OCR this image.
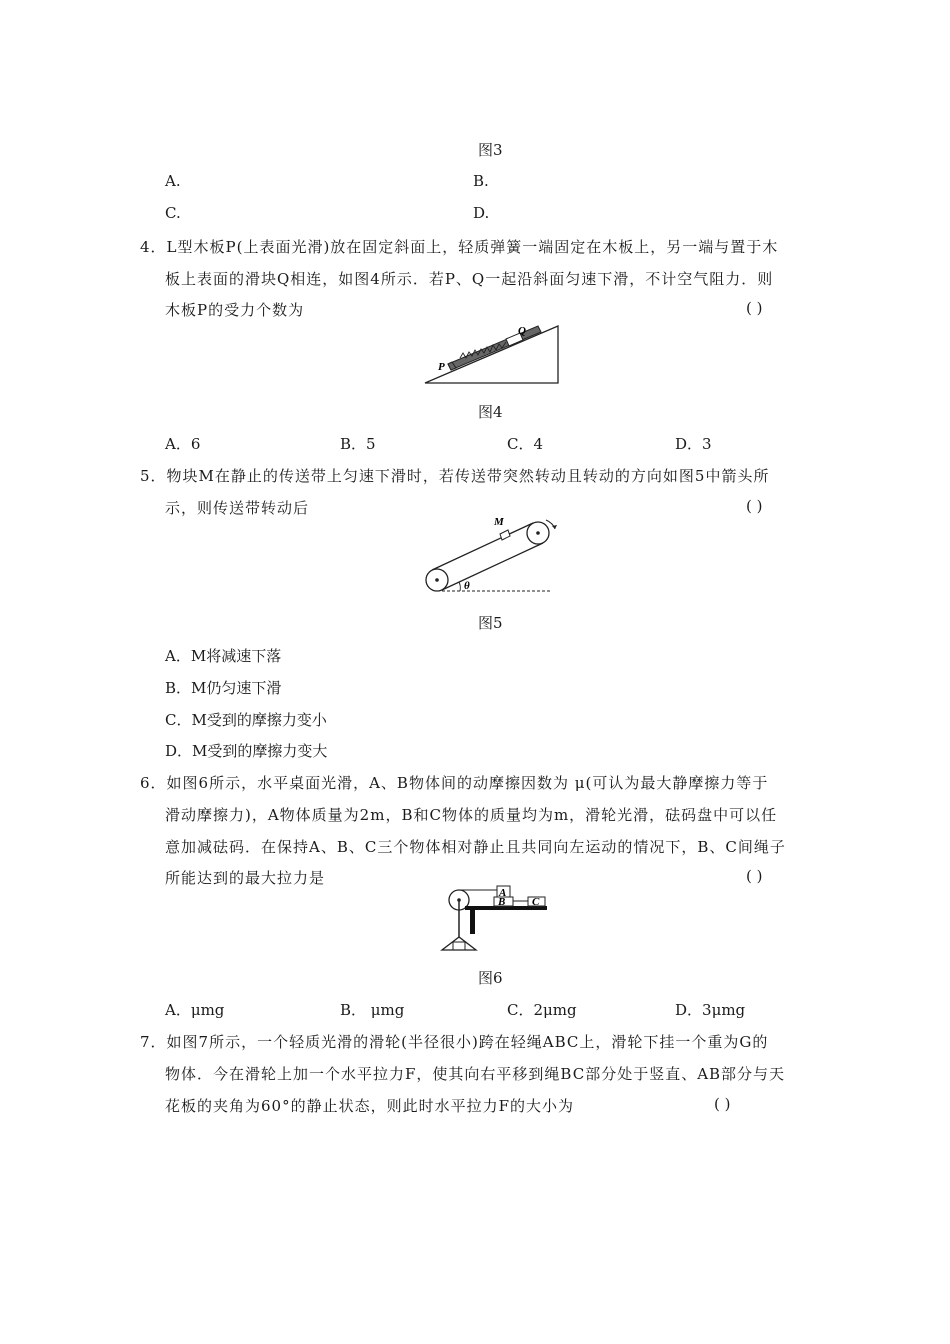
图3
A.	B.
C.	D.
4．L型木板P(上表面光滑)放在固定斜面上，轻质弹簧一端固定在木板上，另一端与置于木
板上表面的滑块Q相连，如图4所示．若P、Q一起沿斜面匀速下滑，不计空气阻力．则
木板P的受力个数为	( )
P
Q
图4
A．6	B．5	C．4	D．3
5．物块M在静止的传送带上匀速下滑时，若传送带突然转动且转动的方向如图5中箭头所
示，则传送带转动后	( )
M
θ
图5
A．M将减速下落
B．M仍匀速下滑
C．M受到的摩擦力变小
D．M受到的摩擦力变大
6．如图6所示，水平桌面光滑，A、B物体间的动摩擦因数为 μ(可认为最大静摩擦力等于
滑动摩擦力)，A物体质量为2m，B和C物体的质量均为m，滑轮光滑，砝码盘中可以任
意加减砝码．在保持A、B、C三个物体相对静止且共同向左运动的情况下，B、C间绳子
所能达到的最大拉力是	( )
A
B C
图6
A．μmg	B． μmg	C．2μmg	D．3μmg
7．如图7所示，一个轻质光滑的滑轮(半径很小)跨在轻绳ABC上，滑轮下挂一个重为G的
物体．今在滑轮上加一个水平拉力F，使其向右平移到绳BC部分处于竖直、AB部分与天
花板的夹角为60°的静止状态，则此时水平拉力F的大小为	( )
